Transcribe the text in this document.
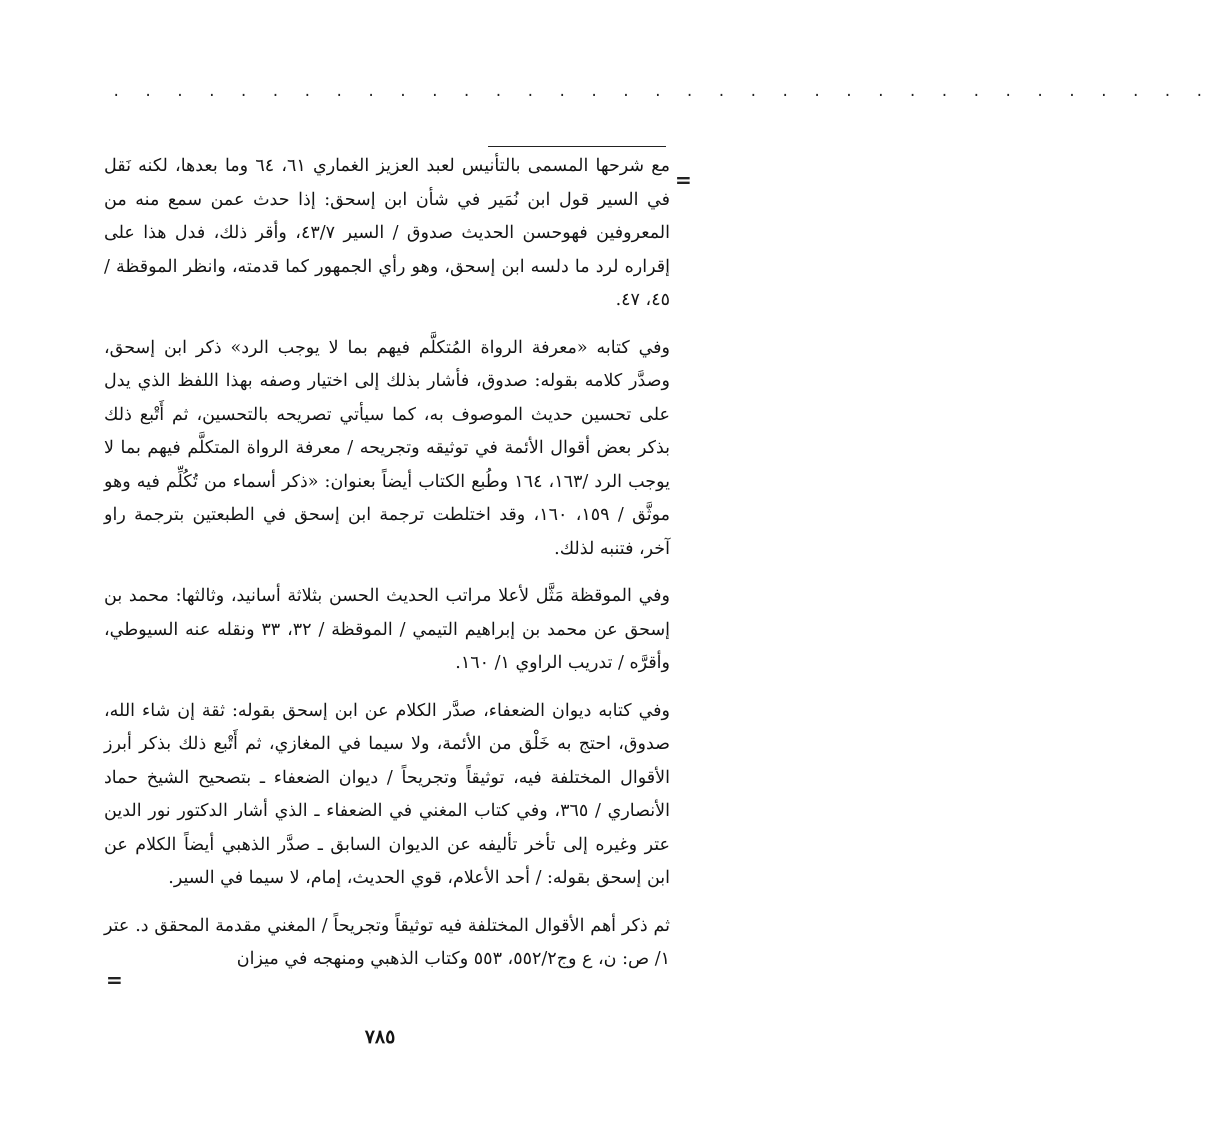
. . . . . . . . . . . . . . . . . . . . . . . . . . . . . . . . . . .
=

مع شرحها المسمى بالتأنيس لعبد العزيز الغماري ٦١، ٦٤ وما بعدها، لكنه نَقل في السير قول ابن نُمَير في شأن ابن إسحق: إذا حدث عمن سمع منه من المعروفين فهوحسن الحديث صدوق / السير ٤٣/٧، وأقر ذلك، فدل هذا على إقراره لرد ما دلسه ابن إسحق، وهو رأي الجمهور كما قدمته، وانظر الموقظة /٤٥، ٤٧.

وفي كتابه «معرفة الرواة المُتكلَّم فيهم بما لا يوجب الرد» ذكر ابن إسحق، وصدَّر كلامه بقوله: صدوق، فأشار بذلك إلى اختيار وصفه بهذا اللفظ الذي يدل على تحسين حديث الموصوف به، كما سيأتي تصريحه بالتحسين، ثم أَتْبع ذلك بذكر بعض أقوال الأئمة في توثيقه وتجريحه / معرفة الرواة المتكلَّم فيهم بما لا يوجب الرد /١٦٣، ١٦٤ وطُبع الكتاب أيضاً بعنوان: «ذكر أسماء من تُكُلِّم فيه وهو موثَّق / ١٥٩، ١٦٠، وقد اختلطت ترجمة ابن إسحق في الطبعتين بترجمة راو آخر، فتنبه لذلك.

وفي الموقظة مَثَّل لأعلا مراتب الحديث الحسن بثلاثة أسانيد، وثالثها: محمد بن إسحق عن محمد بن إبراهيم التيمي / الموقظة / ٣٢، ٣٣ ونقله عنه السيوطي، وأقرَّه / تدريب الراوي ١/ ١٦٠.

وفي كتابه ديوان الضعفاء، صدَّر الكلام عن ابن إسحق بقوله: ثقة إن شاء الله، صدوق، احتج به خَلْق من الأئمة، ولا سيما في المغازي، ثم أَتْبع ذلك بذكر أبرز الأقوال المختلفة فيه، توثيقاً وتجريحاً / ديوان الضعفاء ـ بتصحيح الشيخ حماد الأنصاري / ٣٦٥، وفي كتاب المغني في الضعفاء ـ الذي أشار الدكتور نور الدين عتر وغيره إلى تأخر تأليفه عن الديوان السابق ـ صدَّر الذهبي أيضاً الكلام عن ابن إسحق بقوله: / أحد الأعلام، قوي الحديث، إمام، لا سيما في السير.

ثم ذكر أهم الأقوال المختلفة فيه توثيقاً وتجريحاً / المغني مقدمة المحقق د. عتر ١/ ص: ن، ع وج٥٥٢/٢، ٥٥٣ وكتاب الذهبي ومنهجه في ميزان

=
٧٨٥
